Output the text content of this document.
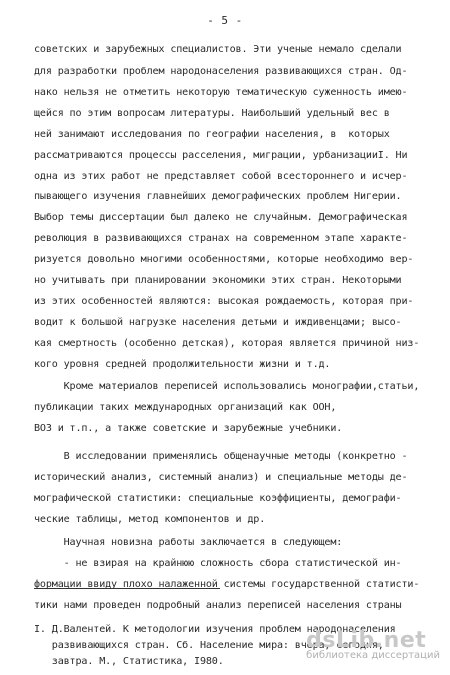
- 5 -
советских и зарубежных специалистов. Эти ученые немало сделали
для разработки проблем народонаселения развивающихся стран. Од-
нако нельзя не отметить некоторую тематическую суженность имею-
щейся по этим вопросам литературы. Наибольший удельный вес в
ней занимают исследования по географии населения, в  которых
рассматриваются процессы расселения, миграции, урбанизацииI. Ни
одна из этих работ не представляет собой всестороннего и исчер-
пывающего изучения главнейших демографических проблем Нигерии.
Выбор темы диссертации был далеко не случайным. Демографическая
революция в развивающихся странах на современном этапе характе-
ризуется довольно многими особенностями, которые необходимо вер-
но учитывать при планировании экономики этих стран. Некоторыми
из этих особенностей являются: высокая рождаемость, которая при-
водит к большой нагрузке населения детьми и иждивенцами; высо-
кая смертность (особенно детская), которая является причиной низ-
кого уровня средней продолжительности жизни и т.д.
Кроме материалов переписей использовались монографии,статьи,
публикации таких международных организаций как ООН,
ВОЗ и т.п., а также советские и зарубежные учебники.
В исследовании применялись общенаучные методы (конкретно -
исторический анализ, системный анализ) и специальные методы де-
мографической статистики: специальные коэффициенты, демографи-
ческие таблицы, метод компонентов и др.
Научная новизна работы заключается в следующем:
- не взирая на крайнюю сложность сбора статистической ин-
формации ввиду плохо налаженной системы государственной статисти-
тики нами проведен подробный анализ переписей населения страны
I. Д.Валентей. К методологии изучения проблем народонаселения
развивающихся стран. Сб. Население мира: вчера, сегодня,
завтра. М., Статистика, I980.
dsLib.net
библиотека диссертаций
